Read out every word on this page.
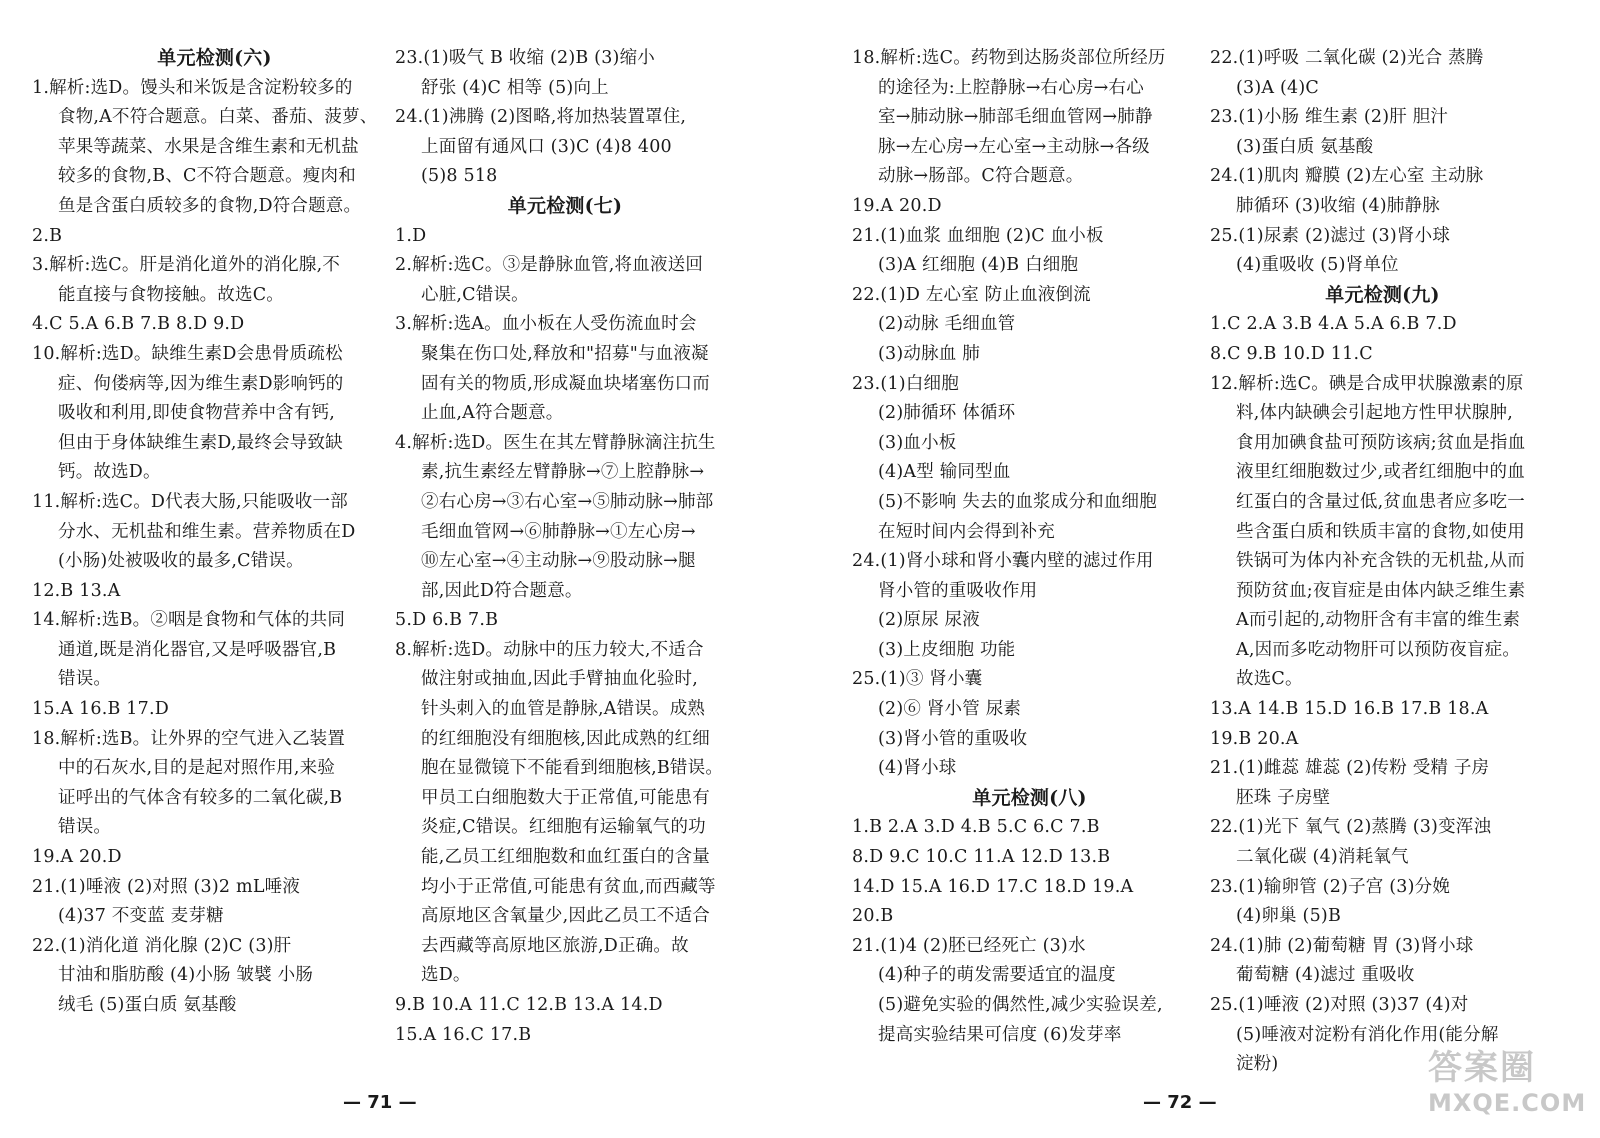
单元检测(六)
1.解析:选D。馒头和米饭是含淀粉较多的
食物,A不符合题意。白菜、番茄、菠萝、
苹果等蔬菜、水果是含维生素和无机盐
较多的食物,B、C不符合题意。瘦肉和
鱼是含蛋白质较多的食物,D符合题意。
2.B
3.解析:选C。肝是消化道外的消化腺,不
能直接与食物接触。故选C。
4.C 5.A 6.B 7.B 8.D 9.D
10.解析:选D。缺维生素D会患骨质疏松
症、佝偻病等,因为维生素D影响钙的
吸收和利用,即使食物营养中含有钙,
但由于身体缺维生素D,最终会导致缺
钙。故选D。
11.解析:选C。D代表大肠,只能吸收一部
分水、无机盐和维生素。营养物质在D
(小肠)处被吸收的最多,C错误。
12.B 13.A
14.解析:选B。②咽是食物和气体的共同
通道,既是消化器官,又是呼吸器官,B
错误。
15.A 16.B 17.D
18.解析:选B。让外界的空气进入乙装置
中的石灰水,目的是起对照作用,来验
证呼出的气体含有较多的二氧化碳,B
错误。
19.A 20.D
21.(1)唾液 (2)对照 (3)2 mL唾液
(4)37 不变蓝 麦芽糖
22.(1)消化道 消化腺 (2)C (3)肝
甘油和脂肪酸 (4)小肠 皱襞 小肠
绒毛 (5)蛋白质 氨基酸
23.(1)吸气 B 收缩 (2)B (3)缩小
舒张 (4)C 相等 (5)向上
24.(1)沸腾 (2)图略,将加热装置罩住,
上面留有通风口 (3)C (4)8 400
(5)8 518
单元检测(七)
1.D
2.解析:选C。③是静脉血管,将血液送回
心脏,C错误。
3.解析:选A。血小板在人受伤流血时会
聚集在伤口处,释放和"招募"与血液凝
固有关的物质,形成凝血块堵塞伤口而
止血,A符合题意。
4.解析:选D。医生在其左臂静脉滴注抗生
素,抗生素经左臂静脉→⑦上腔静脉→
②右心房→③右心室→⑤肺动脉→肺部
毛细血管网→⑥肺静脉→①左心房→
⑩左心室→④主动脉→⑨股动脉→腿
部,因此D符合题意。
5.D 6.B 7.B
8.解析:选D。动脉中的压力较大,不适合
做注射或抽血,因此手臂抽血化验时,
针头刺入的血管是静脉,A错误。成熟
的红细胞没有细胞核,因此成熟的红细
胞在显微镜下不能看到细胞核,B错误。
甲员工白细胞数大于正常值,可能患有
炎症,C错误。红细胞有运输氧气的功
能,乙员工红细胞数和血红蛋白的含量
均小于正常值,可能患有贫血,而西藏等
高原地区含氧量少,因此乙员工不适合
去西藏等高原地区旅游,D正确。故
选D。
9.B 10.A 11.C 12.B 13.A 14.D
15.A 16.C 17.B
18.解析:选C。药物到达肠炎部位所经历
的途径为:上腔静脉→右心房→右心
室→肺动脉→肺部毛细血管网→肺静
脉→左心房→左心室→主动脉→各级
动脉→肠部。C符合题意。
19.A 20.D
21.(1)血浆 血细胞 (2)C 血小板
(3)A 红细胞 (4)B 白细胞
22.(1)D 左心室 防止血液倒流
(2)动脉 毛细血管
(3)动脉血 肺
23.(1)白细胞
(2)肺循环 体循环
(3)血小板
(4)A型 输同型血
(5)不影响 失去的血浆成分和血细胞
在短时间内会得到补充
24.(1)肾小球和肾小囊内壁的滤过作用
肾小管的重吸收作用
(2)原尿 尿液
(3)上皮细胞 功能
25.(1)③ 肾小囊
(2)⑥ 肾小管 尿素
(3)肾小管的重吸收
(4)肾小球
单元检测(八)
1.B 2.A 3.D 4.B 5.C 6.C 7.B
8.D 9.C 10.C 11.A 12.D 13.B
14.D 15.A 16.D 17.C 18.D 19.A
20.B
21.(1)4 (2)胚已经死亡 (3)水
(4)种子的萌发需要适宜的温度
(5)避免实验的偶然性,减少实验误差,
提高实验结果可信度 (6)发芽率
22.(1)呼吸 二氧化碳 (2)光合 蒸腾
(3)A (4)C
23.(1)小肠 维生素 (2)肝 胆汁
(3)蛋白质 氨基酸
24.(1)肌肉 瓣膜 (2)左心室 主动脉
肺循环 (3)收缩 (4)肺静脉
25.(1)尿素 (2)滤过 (3)肾小球
(4)重吸收 (5)肾单位
单元检测(九)
1.C 2.A 3.B 4.A 5.A 6.B 7.D
8.C 9.B 10.D 11.C
12.解析:选C。碘是合成甲状腺激素的原
料,体内缺碘会引起地方性甲状腺肿,
食用加碘食盐可预防该病;贫血是指血
液里红细胞数过少,或者红细胞中的血
红蛋白的含量过低,贫血患者应多吃一
些含蛋白质和铁质丰富的食物,如使用
铁锅可为体内补充含铁的无机盐,从而
预防贫血;夜盲症是由体内缺乏维生素
A而引起的,动物肝含有丰富的维生素
A,因而多吃动物肝可以预防夜盲症。
故选C。
13.A 14.B 15.D 16.B 17.B 18.A
19.B 20.A
21.(1)雌蕊 雄蕊 (2)传粉 受精 子房
胚珠 子房壁
22.(1)光下 氧气 (2)蒸腾 (3)变浑浊
二氧化碳 (4)消耗氧气
23.(1)输卵管 (2)子宫 (3)分娩
(4)卵巢 (5)B
24.(1)肺 (2)葡萄糖 胃 (3)肾小球
葡萄糖 (4)滤过 重吸收
25.(1)唾液 (2)对照 (3)37 (4)对
(5)唾液对淀粉有消化作用(能分解
淀粉)
— 71 —	— 72 —
答案圈
MXQE.COM
